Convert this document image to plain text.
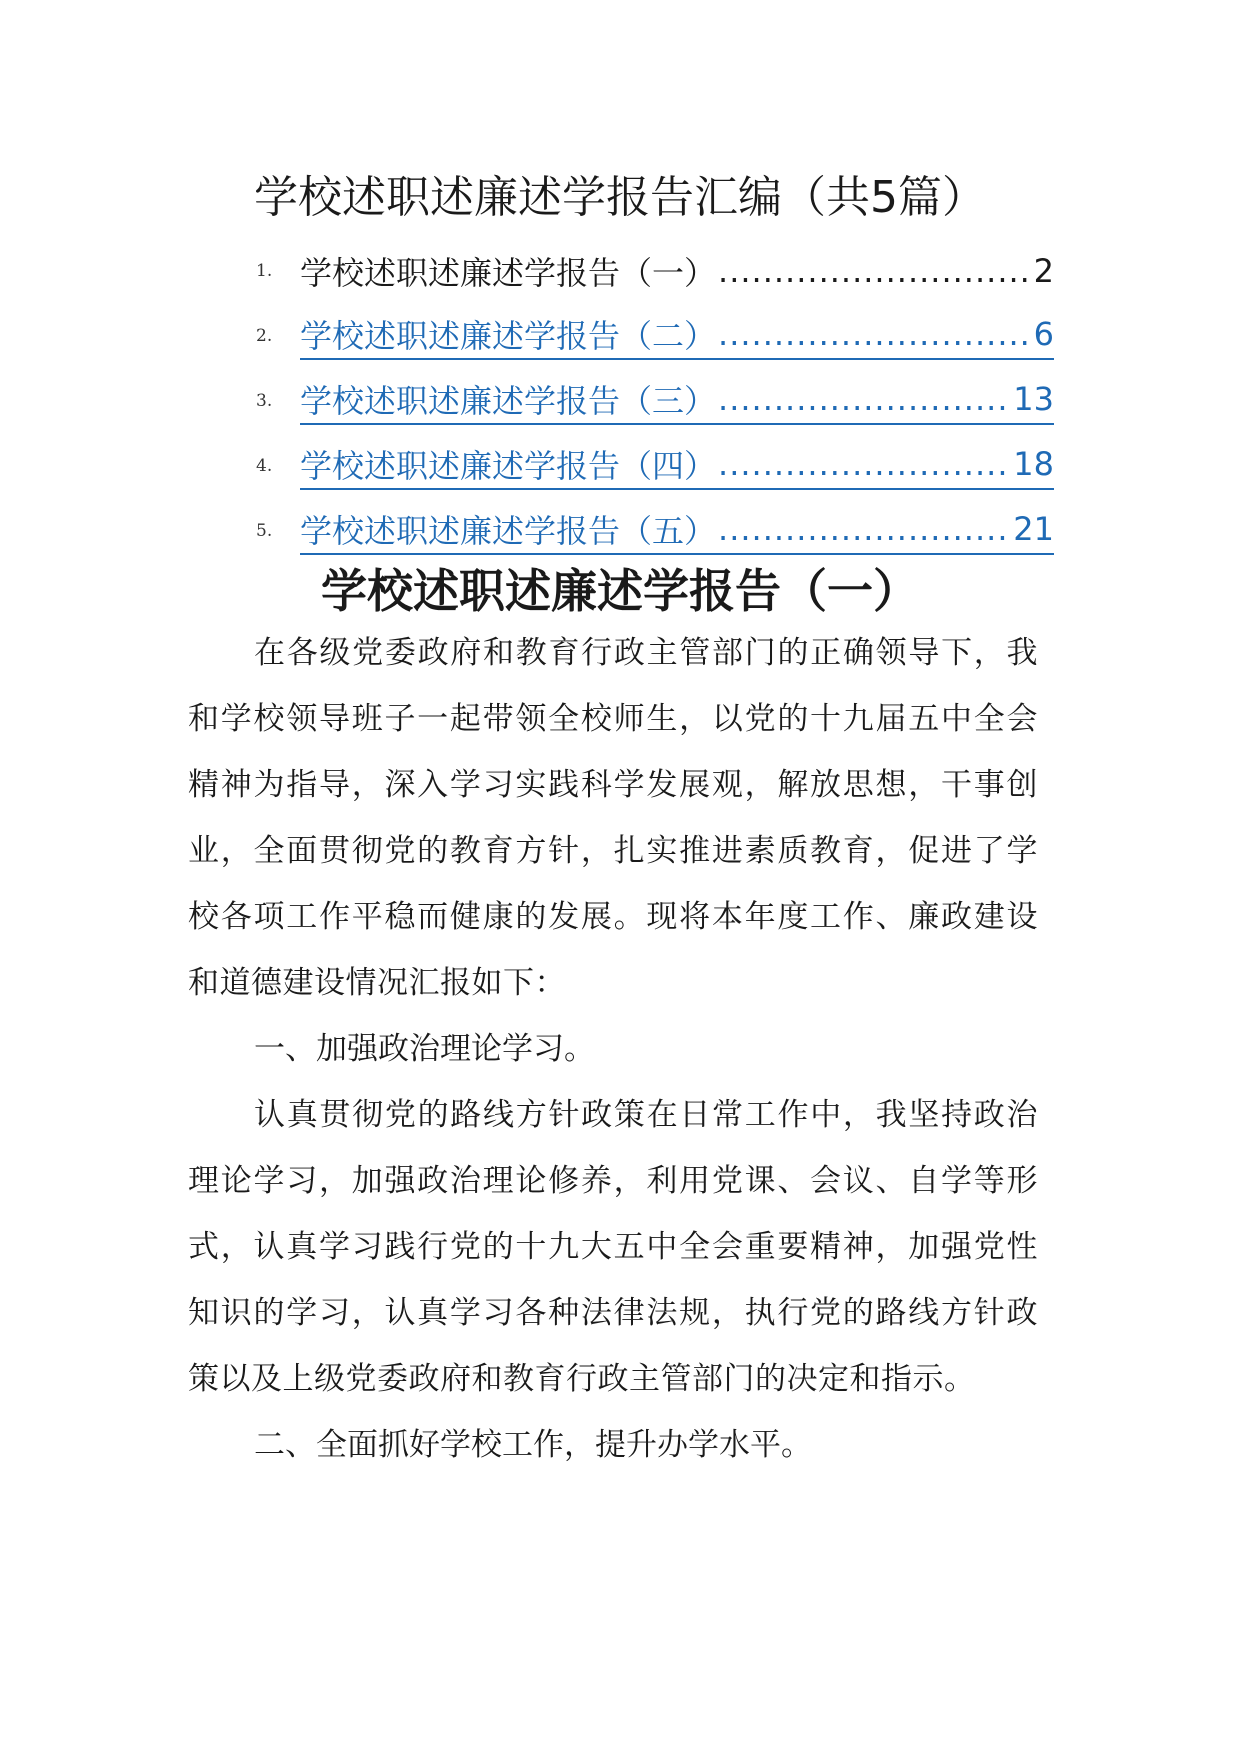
学校述职述廉述学报告汇编（共5篇）
1. 学校述职述廉述学报告（一） .....	2
2. 学校述职述廉述学报告（二） .....	6
3. 学校述职述廉述学报告（三） .....	13
4. 学校述职述廉述学报告（四） .....	18
5. 学校述职述廉述学报告（五） .....	21
学校述职述廉述学报告（一）

在各级党委政府和教育行政主管部门的正确领导下，我和学校领导班子一起带领全校师生，以党的十九届五中全会精神为指导，深入学习实践科学发展观，解放思想，干事创业，全面贯彻党的教育方针，扎实推进素质教育，促进了学校各项工作平稳而健康的发展。现将本年度工作、廉政建设和道德建设情况汇报如下：

一、加强政治理论学习。

认真贯彻党的路线方针政策在日常工作中，我坚持政治理论学习，加强政治理论修养，利用党课、会议、自学等形式，认真学习践行党的十九大五中全会重要精神，加强党性知识的学习，认真学习各种法律法规，执行党的路线方针政策以及上级党委政府和教育行政主管部门的决定和指示。

二、全面抓好学校工作，提升办学水平。
